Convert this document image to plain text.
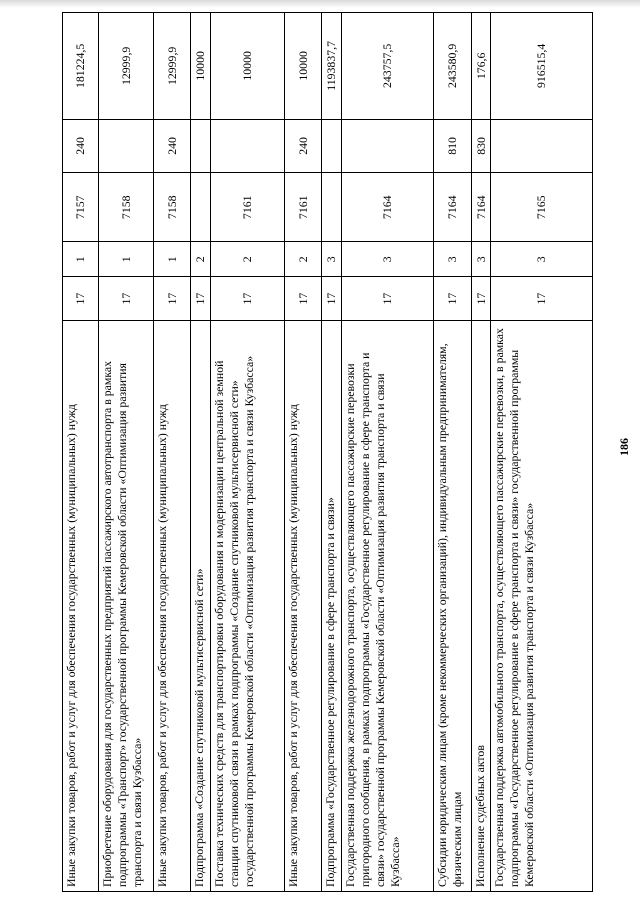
186
Иные закупки товаров, работ и услуг для обеспечения государственных (муниципальных) нужд	17	1	7157	240	181224,5
Приобретение оборудования для государственных предприятий пассажирского автотранспорта в рамках подпрограммы «Транспорт» государственной программы Кемеровской области «Оптимизация развития транспорта и связи Кузбасса»	17	1	7158		12999,9
Иные закупки товаров, работ и услуг для обеспечения государственных (муниципальных) нужд	17	1	7158	240	12999,9
Подпрограмма «Создание спутниковой мультисервисной сети»	17	2			10000
Поставка технических средств для транспортировки оборудования и модернизации центральной земной станции спутниковой связи в рамках подпрограммы «Создание спутниковой мультисервисной сети» государственной программы Кемеровской области «Оптимизация развития транспорта и связи Кузбасса»	17	2	7161		10000
Иные закупки товаров, работ и услуг для обеспечения государственных (муниципальных) нужд	17	2	7161	240	10000
Подпрограмма «Государственное регулирование в сфере транспорта и связи»	17	3			1193837,7
Государственная поддержка железнодорожного транспорта, осуществляющего пассажирские перевозки пригородного сообщения, в рамках подпрограммы «Государственное регулирование в сфере транспорта и связи» государственной программы Кемеровской области «Оптимизация развития транспорта и связи Кузбасса»	17	3	7164		243757,5
Субсидии юридическим лицам (кроме некоммерческих организаций), индивидуальным предпринимателям, физическим лицам	17	3	7164	810	243580,9
Исполнение судебных актов	17	3	7164	830	176,6
Государственная поддержка автомобильного транспорта, осуществляющего пассажирские перевозки, в рамках подпрограммы «Государственное регулирование в сфере транспорта и связи» государственной программы Кемеровской области «Оптимизация развития транспорта и связи Кузбасса»	17	3	7165		916515,4
